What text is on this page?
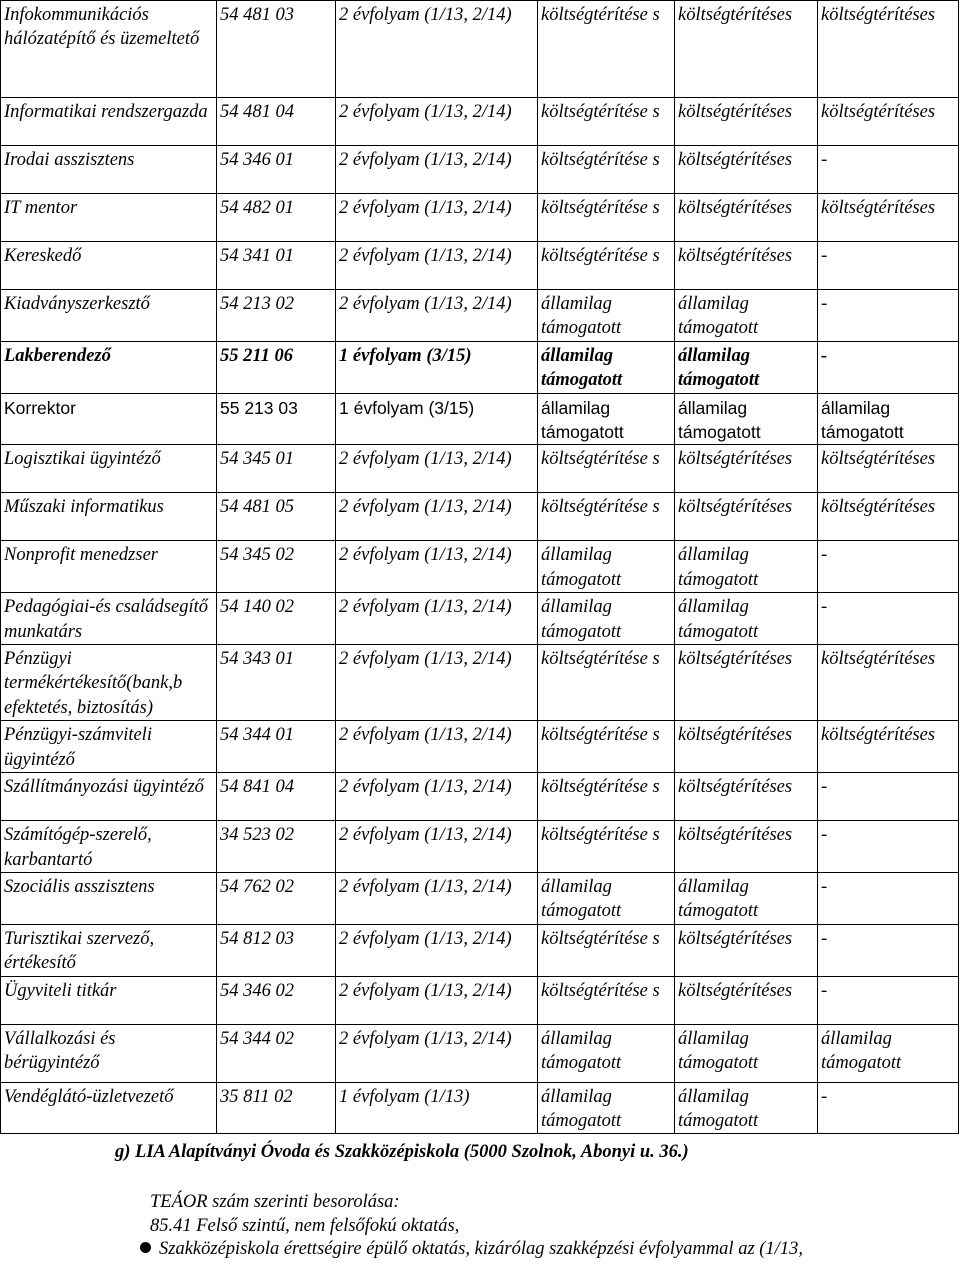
Infokommunikációs hálózatépítő és üzemeltető	54 481 03	2 évfolyam (1/13, 2/14)	költségtérítése s	költségtérítéses	költségtérítéses
Informatikai rendszergazda	54 481 04	2 évfolyam (1/13, 2/14)	költségtérítése s	költségtérítéses	költségtérítéses
Irodai asszisztens	54 346 01	2 évfolyam (1/13, 2/14)	költségtérítése s	költségtérítéses	-
IT mentor	54 482 01	2 évfolyam (1/13, 2/14)	költségtérítése s	költségtérítéses	költségtérítéses
Kereskedő	54 341 01	2 évfolyam (1/13, 2/14)	költségtérítése s	költségtérítéses	-
Kiadványszerkesztő	54 213 02	2 évfolyam (1/13, 2/14)	államilag támogatott	államilag támogatott	-
Lakberendező	55 211 06	1 évfolyam (3/15)	államilag támogatott	államilag támogatott	-
Korrektor	55 213 03	1 évfolyam (3/15)	államilag támogatott	államilag támogatott	államilag támogatott
Logisztikai ügyintéző	54 345 01	2 évfolyam (1/13, 2/14)	költségtérítése s	költségtérítéses	költségtérítéses
Műszaki informatikus	54 481 05	2 évfolyam (1/13, 2/14)	költségtérítése s	költségtérítéses	költségtérítéses
Nonprofit menedzser	54 345 02	2 évfolyam (1/13, 2/14)	államilag támogatott	államilag támogatott	-
Pedagógiai-és családsegítő munkatárs	54 140 02	2 évfolyam (1/13, 2/14)	államilag támogatott	államilag támogatott	-
Pénzügyi termékértékesítő(bank,b efektetés, biztosítás)	54 343 01	2 évfolyam (1/13, 2/14)	költségtérítése s	költségtérítéses	költségtérítéses
Pénzügyi-számviteli ügyintéző	54 344 01	2 évfolyam (1/13, 2/14)	költségtérítése s	költségtérítéses	költségtérítéses
Szállítmányozási ügyintéző	54 841 04	2 évfolyam (1/13, 2/14)	költségtérítése s	költségtérítéses	-
Számítógép-szerelő, karbantartó	34 523 02	2 évfolyam (1/13, 2/14)	költségtérítése s	költségtérítéses	-
Szociális asszisztens	54 762 02	2 évfolyam (1/13, 2/14)	államilag támogatott	államilag támogatott	-
Turisztikai szervező, értékesítő	54 812 03	2 évfolyam (1/13, 2/14)	költségtérítése s	költségtérítéses	-
Ügyviteli titkár	54 346 02	2 évfolyam (1/13, 2/14)	költségtérítése s	költségtérítéses	-
Vállalkozási és bérügyintéző	54 344 02	2 évfolyam (1/13, 2/14)	államilag támogatott	államilag támogatott	államilag támogatott
Vendéglátó-üzletvezető	35 811 02	1 évfolyam (1/13)	államilag támogatott	államilag támogatott	-
g) LIA Alapítványi Óvoda és Szakközépiskola (5000 Szolnok, Abonyi u. 36.)
TEÁOR szám szerinti besorolása:
85.41 Felső szintű, nem felsőfokú oktatás,
Szakközépiskola érettségire épülő oktatás, kizárólag szakképzési évfolyammal az (1/13,
